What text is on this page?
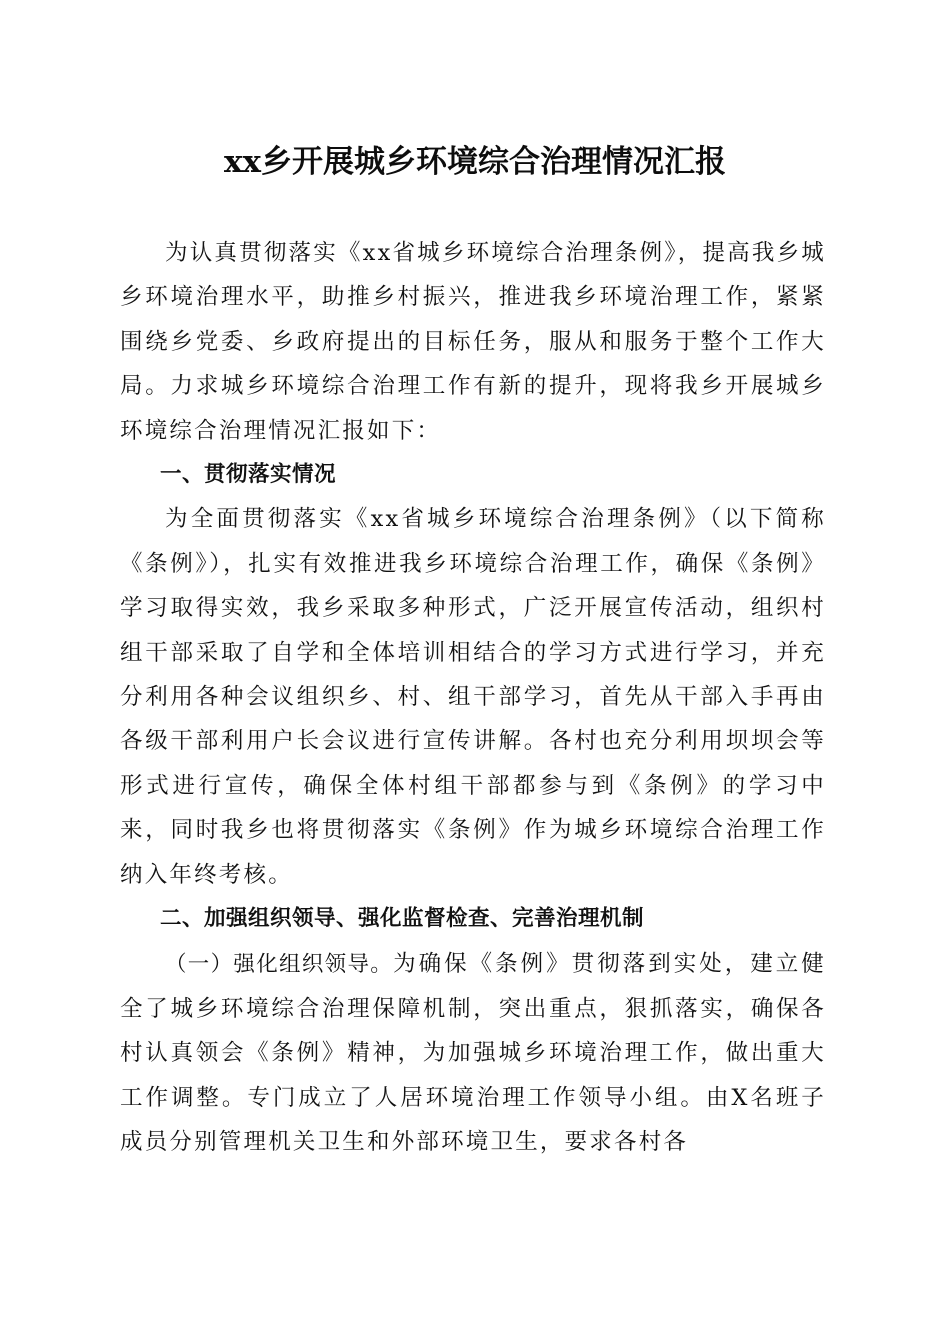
xx乡开展城乡环境综合治理情况汇报

为认真贯彻落实《xx省城乡环境综合治理条例》，提高我乡城乡环境治理水平，助推乡村振兴，推进我乡环境治理工作，紧紧围绕乡党委、乡政府提出的目标任务，服从和服务于整个工作大局。力求城乡环境综合治理工作有新的提升，现将我乡开展城乡环境综合治理情况汇报如下：

一、贯彻落实情况

为全面贯彻落实《xx省城乡环境综合治理条例》（以下简称《条例》），扎实有效推进我乡环境综合治理工作，确保《条例》学习取得实效，我乡采取多种形式，广泛开展宣传活动，组织村组干部采取了自学和全体培训相结合的学习方式进行学习，并充分利用各种会议组织乡、村、组干部学习，首先从干部入手再由各级干部利用户长会议进行宣传讲解。各村也充分利用坝坝会等形式进行宣传，确保全体村组干部都参与到《条例》的学习中来，同时我乡也将贯彻落实《条例》作为城乡环境综合治理工作纳入年终考核。

二、加强组织领导、强化监督检查、完善治理机制

（一）强化组织领导。为确保《条例》贯彻落到实处，建立健全了城乡环境综合治理保障机制，突出重点，狠抓落实，确保各村认真领会《条例》精神，为加强城乡环境治理工作，做出重大工作调整。专门成立了人居环境治理工作领导小组。由X名班子成员分别管理机关卫生和外部环境卫生，要求各村各
